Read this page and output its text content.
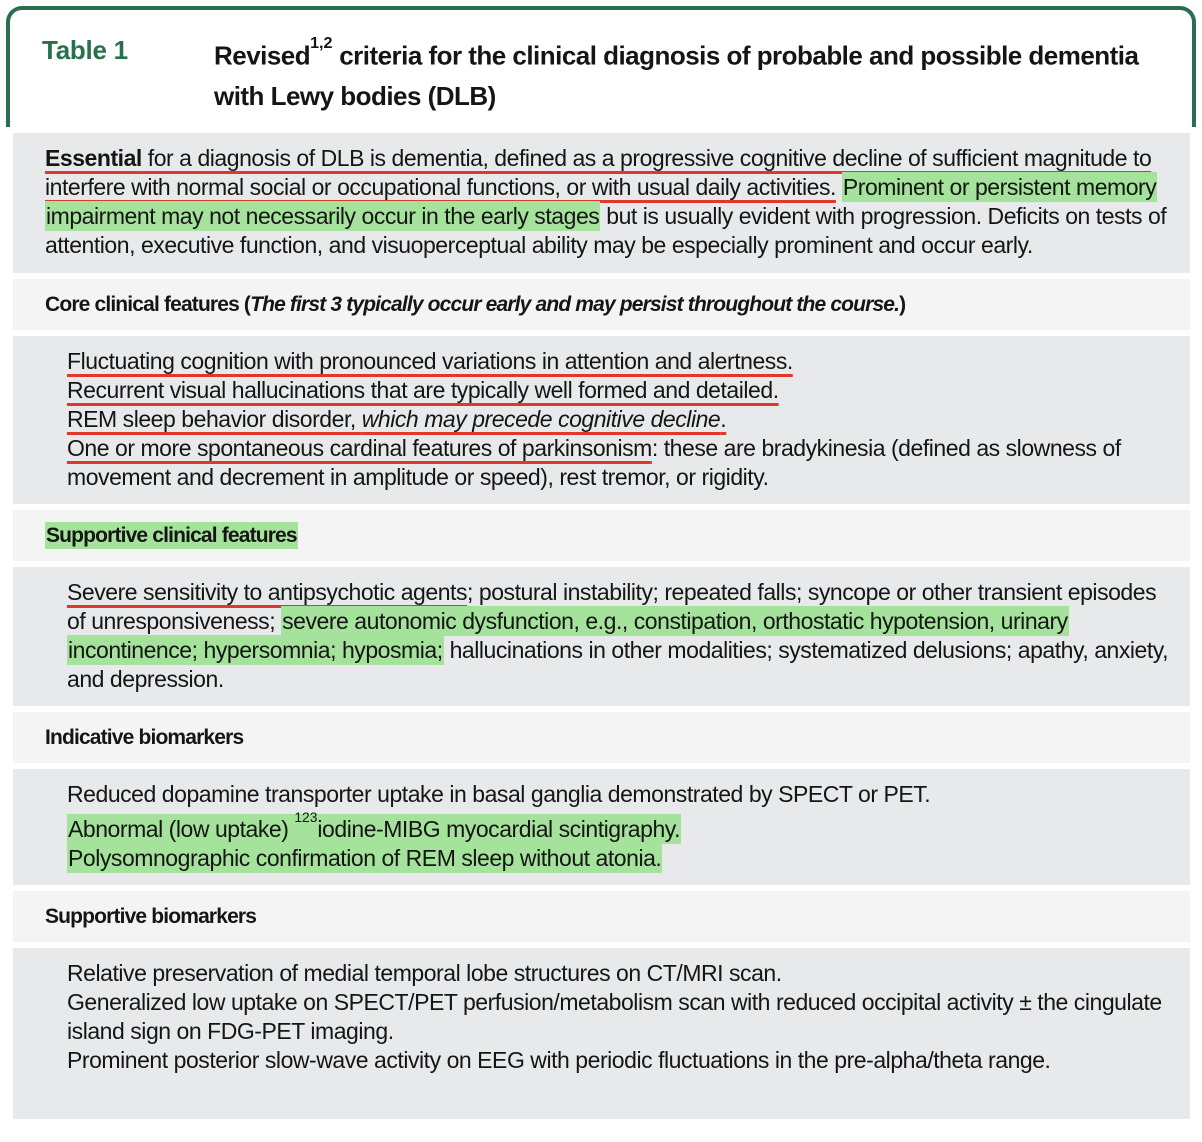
Table 1	Revised$^{1,2}$ criteria for the clinical diagnosis of probable and possible dementia with Lewy bodies (DLB)
Essential for a diagnosis of DLB is dementia, defined as a progressive cognitive decline of sufficient magnitude to interfere with normal social or occupational functions, or with usual daily activities. Prominent or persistent memory impairment may not necessarily occur in the early stages but is usually evident with progression. Deficits on tests of attention, executive function, and visuoperceptual ability may be especially prominent and occur early.
Core clinical features (The first 3 typically occur early and may persist throughout the course.)
Fluctuating cognition with pronounced variations in attention and alertness.
Recurrent visual hallucinations that are typically well formed and detailed.
REM sleep behavior disorder, which may precede cognitive decline.
One or more spontaneous cardinal features of parkinsonism: these are bradykinesia (defined as slowness of movement and decrement in amplitude or speed), rest tremor, or rigidity.
Supportive clinical features
Severe sensitivity to antipsychotic agents; postural instability; repeated falls; syncope or other transient episodes of unresponsiveness; severe autonomic dysfunction, e.g., constipation, orthostatic hypotension, urinary incontinence; hypersomnia; hyposmia; hallucinations in other modalities; systematized delusions; apathy, anxiety, and depression.
Indicative biomarkers
Reduced dopamine transporter uptake in basal ganglia demonstrated by SPECT or PET.
Abnormal (low uptake) $^{123}$iodine-MIBG myocardial scintigraphy.
Polysomnographic confirmation of REM sleep without atonia.
Supportive biomarkers
Relative preservation of medial temporal lobe structures on CT/MRI scan.
Generalized low uptake on SPECT/PET perfusion/metabolism scan with reduced occipital activity ± the cingulate island sign on FDG-PET imaging.
Prominent posterior slow-wave activity on EEG with periodic fluctuations in the pre-alpha/theta range.
